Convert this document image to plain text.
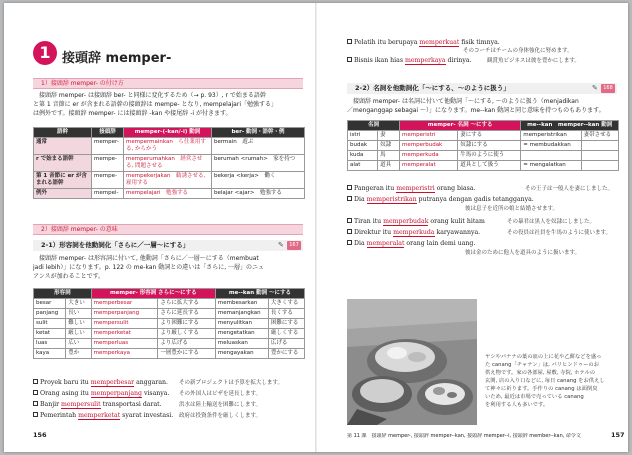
1 接頭辞 memper-
1）接頭辞 memper- の付け方
接頭辞 memper- は接頭辞 ber- と同様に変化するため（→ p. 93）, r で始まる語幹
と第 1 音節に er が含まれる語幹の接頭辞は mempe- となり, mempelajari「勉強する」
は例外です。接頭辞 memper- には接頭辞 -kan や接尾辞 -i が付きます。
語幹	接頭辞	memper-(-kan/-i) 動詞	ber- 動詞・語幹・例
通常	memper-	mempermainkan　ら仕業用する, からかう	bermain　遊ぶ
r で始まる語幹	mempe-	memperumahkan　経営させる, 問題させる	berumah <rumah>　家を持つ
第 1 音節に er が含まれる語幹	mempe-	mempekerjakan　勧誘させる, 雇用する	bekerja <kerja>　働く
例外	mempel-	mempelajari　勉強する	belajar <ajar>　勉強する
2）接頭辞 memper- の意味
2-1）形容詞を他動詞化「さらに／一層～にする」	✎	167
接頭辞 memper- は形容詞に付いて, 他動詞「さらに／一層～にする（membuat
jadi lebih）」になります。p. 122 の me-kan 動詞との違いは「さらに, 一層」のニュ
アンスが加わることです。
形容詞		memper- 形容詞 さらに～にする		me--kan 動詞 ～にする	
besar	大きい	memperbesar	さらに拡大する	membesarkan	大きくする
panjang	長い	memperpanjang	さらに延長する	memanjangkan	長くする
sulit	難しい	mempersulit	より困難にする	menyulitkan	困難にする
ketat	厳しい	memperketat	より厳しくする	mengetatkan	厳しくする
luas	広い	memperluas	より広げる	meluaskan	広げる
kaya	豊か	memperkaya	一層豊かにする	mengayakan	豊かにする
Proyek baru itu memperbesar anggaran. その新プロジェクトは予算を拡大します。
Orang asing itu memperpanjang visanya. その外国人はビザを延長します。
Banjir mempersulit transportasi darat.	洪水は陸上輸送を困難にします。
Pemerintah memperketat syarat investasi. 政府は投資条件を厳しくします。
156
Pelatih itu berupaya memperkuat fisik timnya.
そのコーチはチームの身体強化に努めます。
Bisnis ikan hias memperkaya dirinya.	観賞魚ビジネスは彼を豊かにします。
2-2）名詞を他動詞化「～にする、～のように扱う」	✎	168
接頭辞 memper- は名詞に付いて他動詞「～にする, ～のように扱う（menjadikan
／menganggap sebagai ～）」になります。me--kan 動詞と同じ意味を持つものもあります。
名詞		memper- 名詞 ～にする		me--kan　memper--kan 動詞	
istri	妻	memperistri	妻にする	memperistrikan	妻帯させる
budak	奴隷	memperbudak	奴隷にする	= membudakkan	
kuda	馬	memperkuda	牛馬のように使う		
alat	道具	memperalat	道具として扱う	= mengalatkan	
Pangeran itu memperistri orang biasa.	その王子は一般人を妻にしました。
Dia memperistrikan putranya dengan gadis tetangganya.
彼は息子を近所の娘と結婚させます。
Tiran itu memperbudak orang kulit hitam	その暴君は黒人を奴隷にしました。
Direktur itu memperkuda karyawannya.	その役員は社員を牛馬のように使います。
Dia memperalat orang lain demi uang.
彼は金のために他人を道具のように扱います。
157
ヤシやバナナの葉の皿の上に花や乙餅などを盛っ
た canang「チャナン」は, バリヒンドゥーのお
供え物です。家の各部屋, 屋敷, 寺院, ホテルの
玄関, 店の入り口などに, 毎日 canang をお供えし
て神々に祈ります。手作りの canang は面倒臭
いため, 最近は市場で売っている canang
を利用する人も多いです。
第 11 課　接頭辞 memper-, 接頭辞 memper--kan, 接頭辞 memper--i, 接頭辞 member--kan, 命令文
